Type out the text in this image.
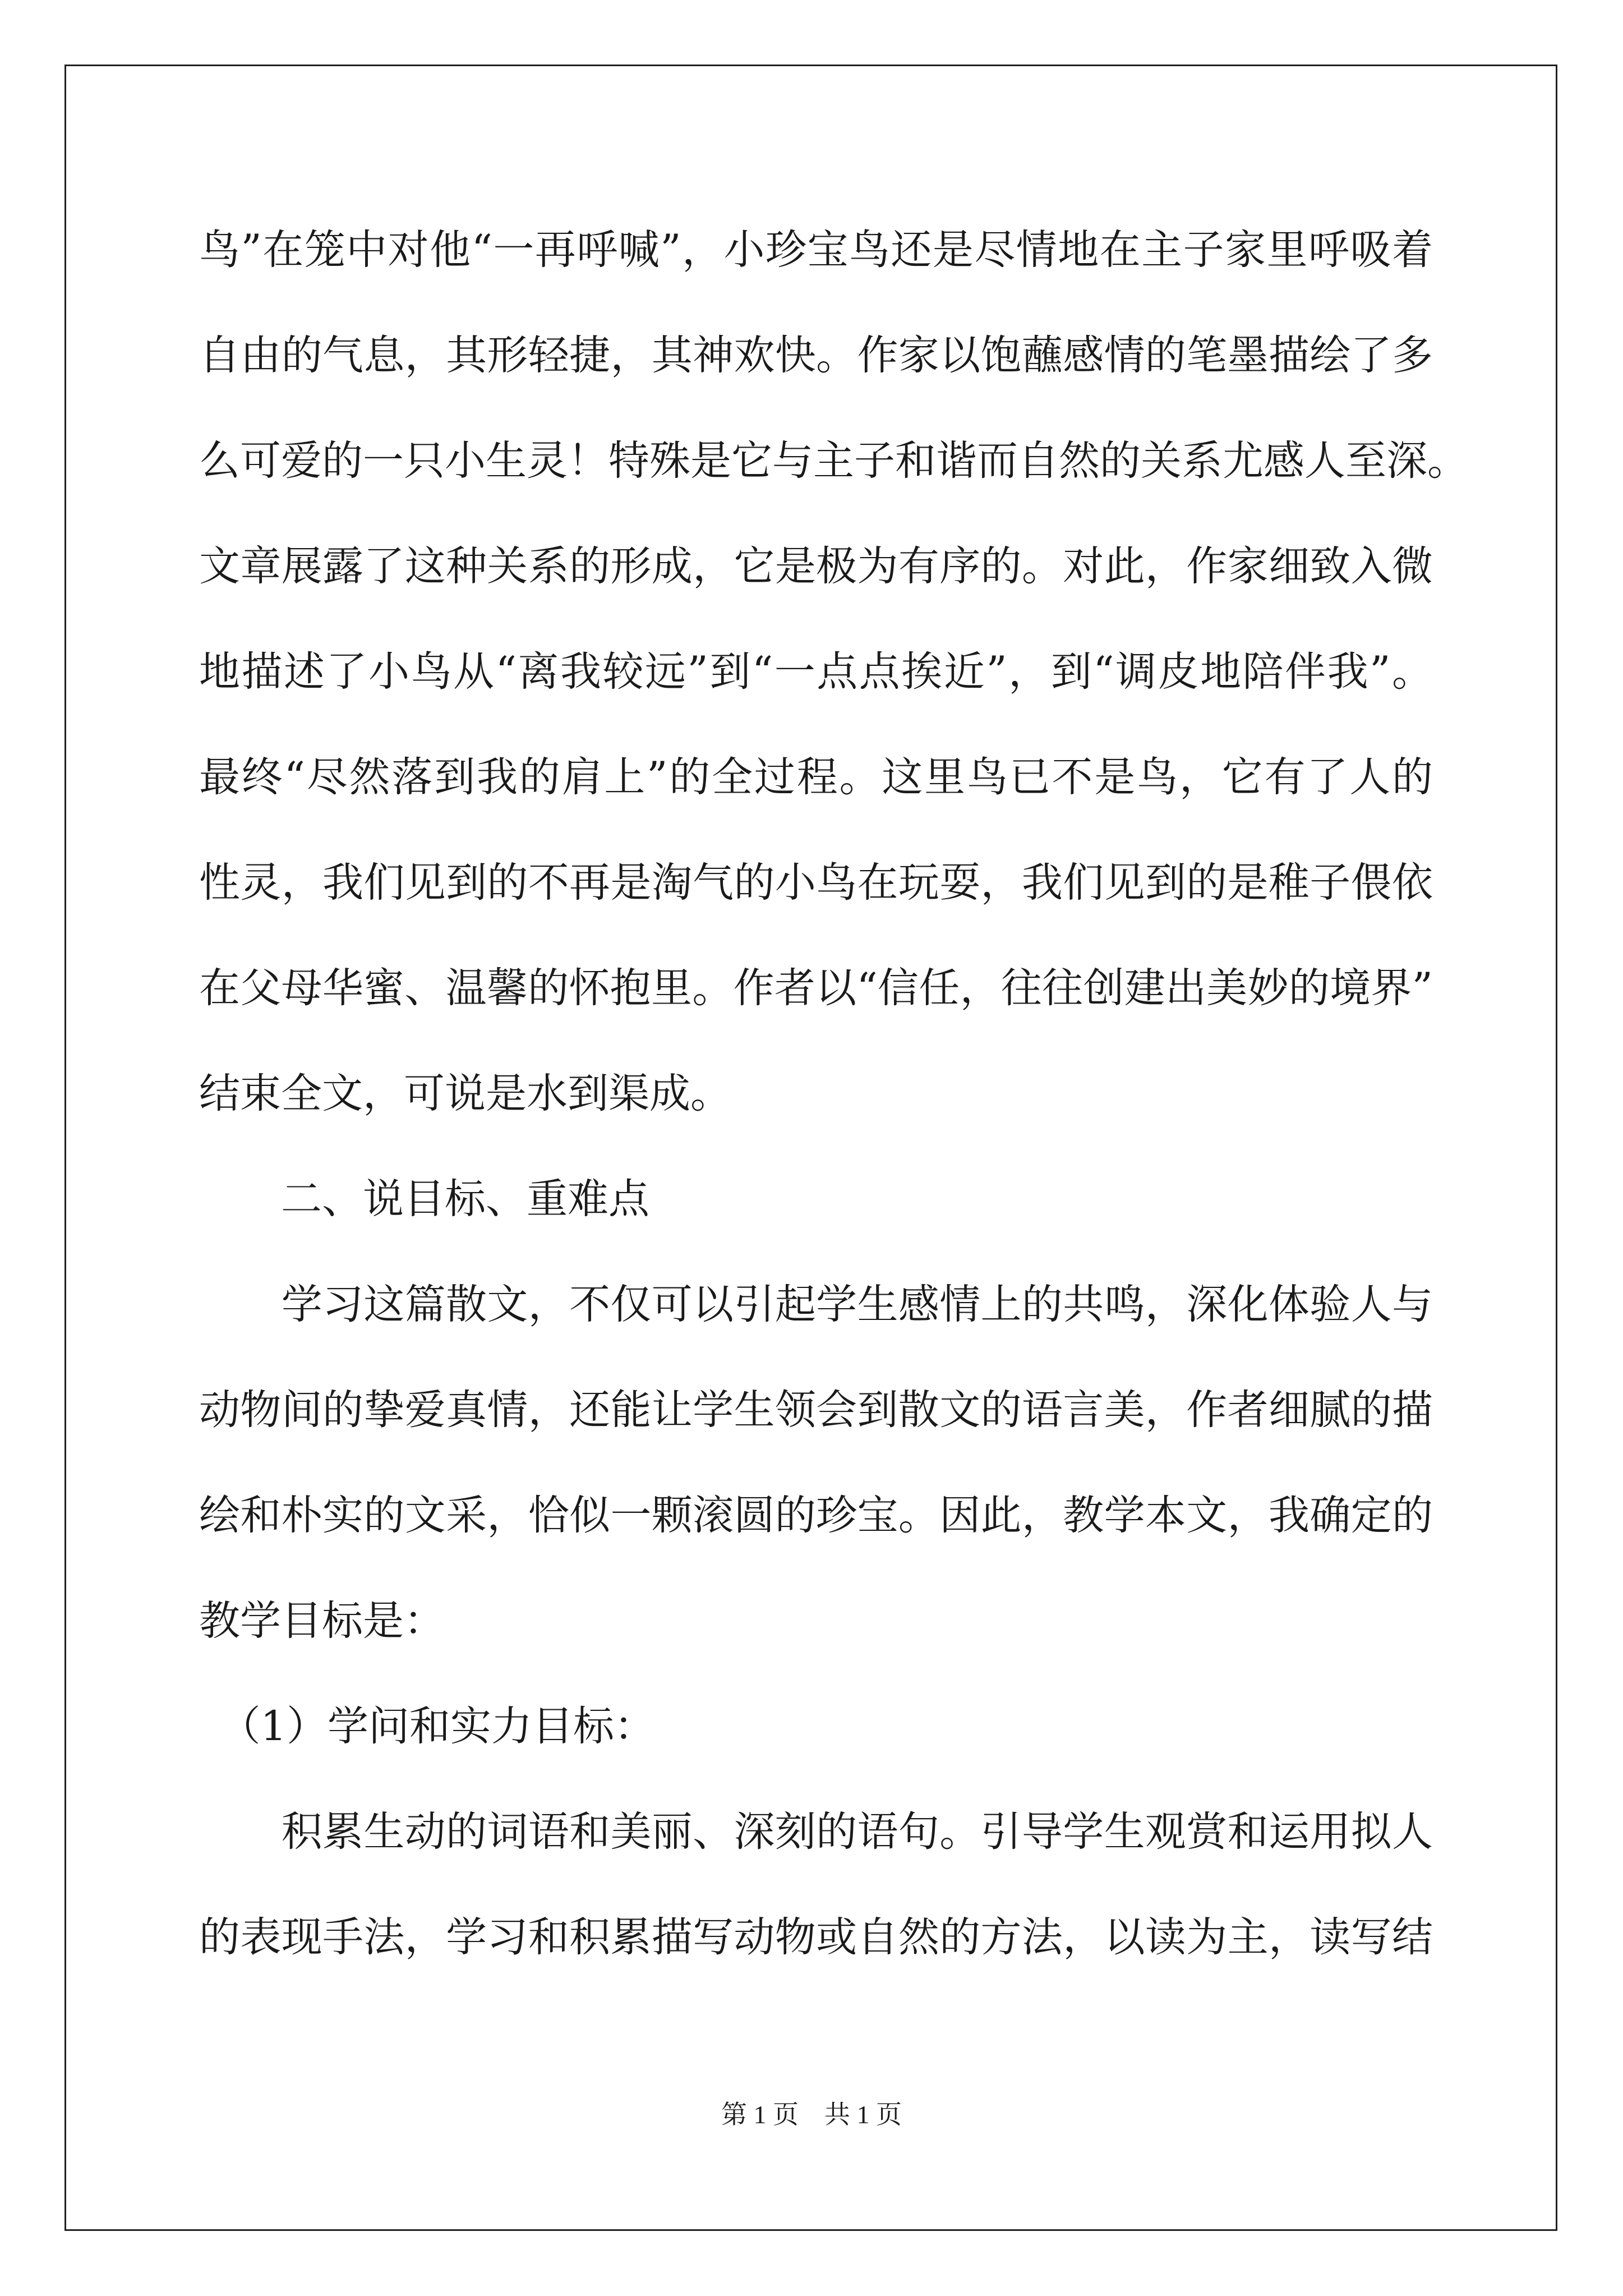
鸟”在笼中对他“一再呼喊”，小珍宝鸟还是尽情地在主子家里呼吸着
自由的气息，其形轻捷，其神欢快。作家以饱蘸感情的笔墨描绘了多
么可爱的一只小生灵！特殊是它与主子和谐而自然的关系尤感人至深。
文章展露了这种关系的形成，它是极为有序的。对此，作家细致入微
地描述了小鸟从“离我较远”到“一点点挨近”，到“调皮地陪伴我”。
最终“尽然落到我的肩上”的全过程。这里鸟已不是鸟，它有了人的
性灵，我们见到的不再是淘气的小鸟在玩耍，我们见到的是稚子偎依
在父母华蜜、温馨的怀抱里。作者以“信任，往往创建出美妙的境界”
结束全文，可说是水到渠成。
　　二、说目标、重难点
　　学习这篇散文，不仅可以引起学生感情上的共鸣，深化体验人与
动物间的挚爱真情，还能让学生领会到散文的语言美，作者细腻的描
绘和朴实的文采，恰似一颗滚圆的珍宝。因此，教学本文，我确定的
教学目标是：
　（1）学问和实力目标：
　　积累生动的词语和美丽、深刻的语句。引导学生观赏和运用拟人
的表现手法，学习和积累描写动物或自然的方法，以读为主，读写结
第 1 页　共 1 页
